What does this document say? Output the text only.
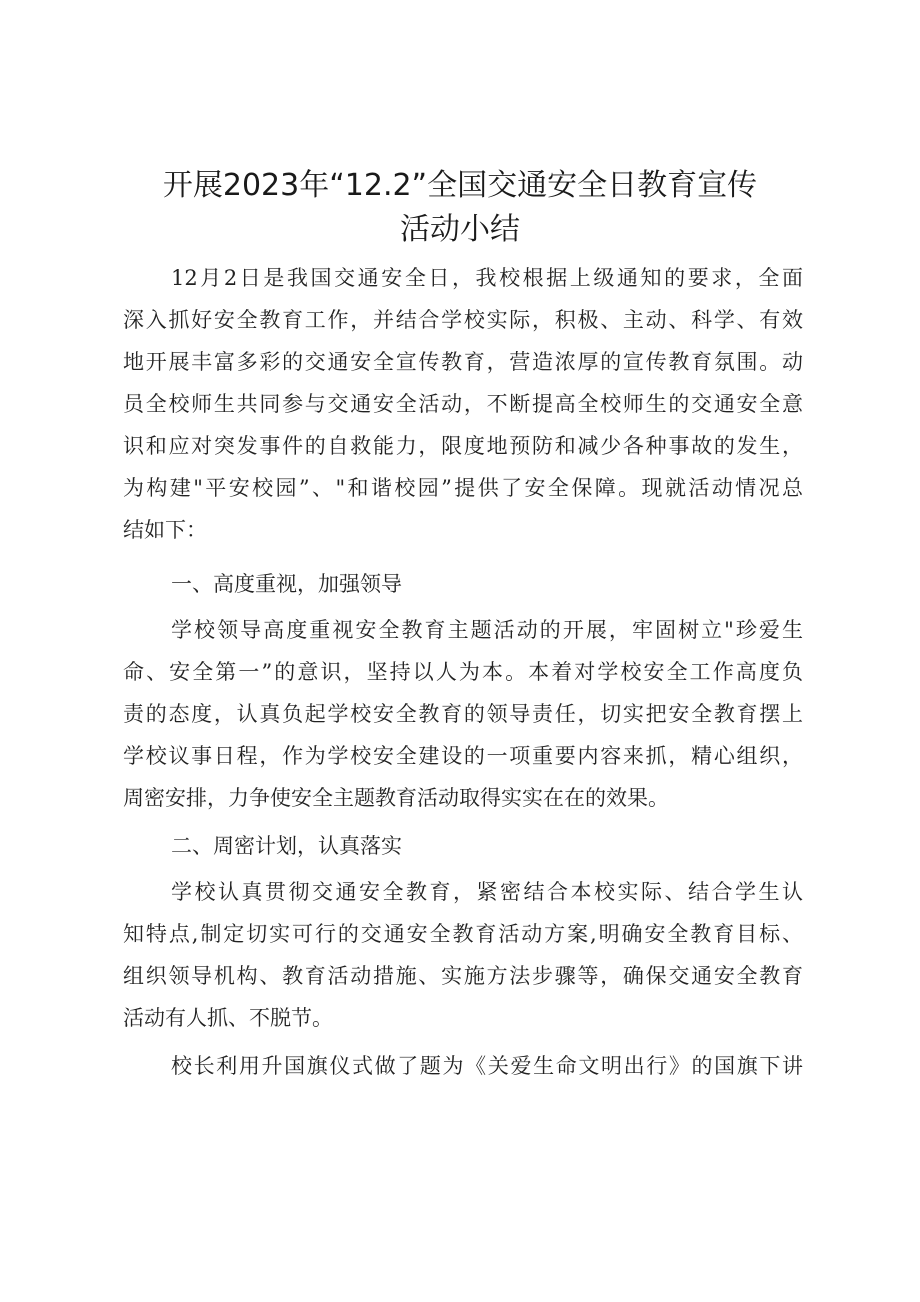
开展2023年“12.2”全国交通安全日教育宣传
活动小结
12月2日是我国交通安全日，我校根据上级通知的要求，全面
深入抓好安全教育工作，并结合学校实际，积极、主动、科学、有效
地开展丰富多彩的交通安全宣传教育，营造浓厚的宣传教育氛围。动
员全校师生共同参与交通安全活动，不断提高全校师生的交通安全意
识和应对突发事件的自救能力，限度地预防和减少各种事故的发生，
为构建"平安校园”、"和谐校园”提供了安全保障。现就活动情况总
结如下：
一、高度重视，加强领导
学校领导高度重视安全教育主题活动的开展，牢固树立"珍爱生
命、安全第一”的意识，坚持以人为本。本着对学校安全工作高度负
责的态度，认真负起学校安全教育的领导责任，切实把安全教育摆上
学校议事日程，作为学校安全建设的一项重要内容来抓，精心组织，
周密安排，力争使安全主题教育活动取得实实在在的效果。
二、周密计划，认真落实
学校认真贯彻交通安全教育，紧密结合本校实际、结合学生认
知特点,制定切实可行的交通安全教育活动方案,明确安全教育目标、
组织领导机构、教育活动措施、实施方法步骤等，确保交通安全教育
活动有人抓、不脱节。
校长利用升国旗仪式做了题为《关爱生命文明出行》的国旗下讲
